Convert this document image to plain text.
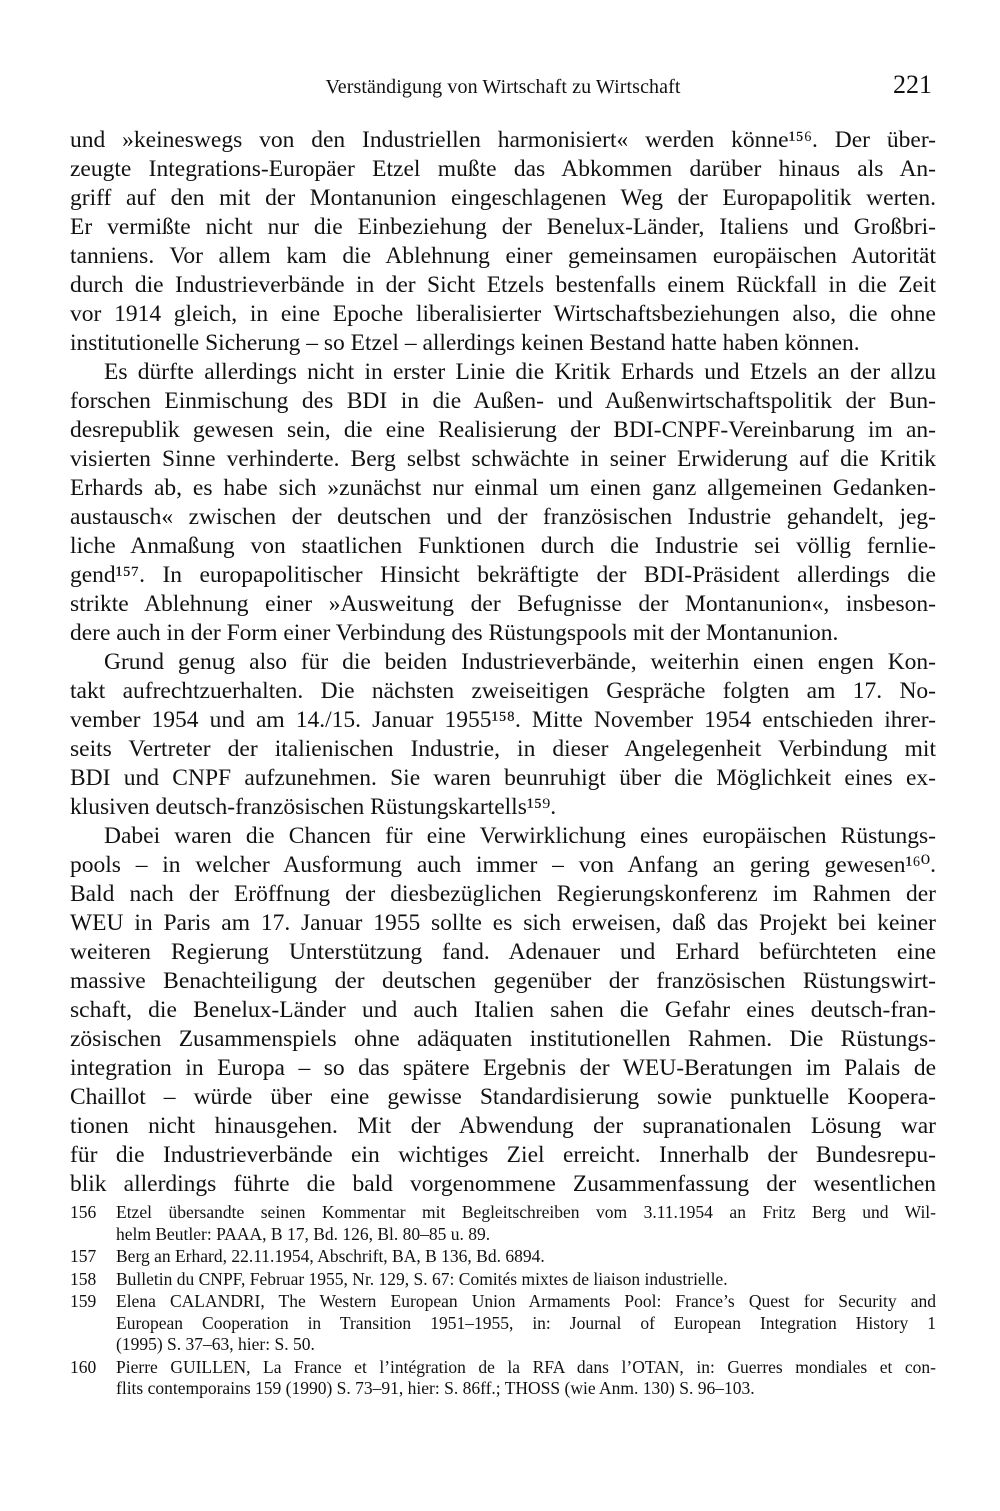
Verständigung von Wirtschaft zu Wirtschaft	221
und »keineswegs von den Industriellen harmonisiert« werden könne¹⁵⁶. Der über-
zeugte Integrations-Europäer Etzel mußte das Abkommen darüber hinaus als An-
griff auf den mit der Montanunion eingeschlagenen Weg der Europapolitik werten.
Er vermißte nicht nur die Einbeziehung der Benelux-Länder, Italiens und Großbri-
tanniens. Vor allem kam die Ablehnung einer gemeinsamen europäischen Autorität
durch die Industrieverbände in der Sicht Etzels bestenfalls einem Rückfall in die Zeit
vor 1914 gleich, in eine Epoche liberalisierter Wirtschaftsbeziehungen also, die ohne
institutionelle Sicherung – so Etzel – allerdings keinen Bestand hatte haben können.
Es dürfte allerdings nicht in erster Linie die Kritik Erhards und Etzels an der allzu
forschen Einmischung des BDI in die Außen- und Außenwirtschaftspolitik der Bun-
desrepublik gewesen sein, die eine Realisierung der BDI-CNPF-Vereinbarung im an-
visierten Sinne verhinderte. Berg selbst schwächte in seiner Erwiderung auf die Kritik
Erhards ab, es habe sich »zunächst nur einmal um einen ganz allgemeinen Gedanken-
austausch« zwischen der deutschen und der französischen Industrie gehandelt, jeg-
liche Anmaßung von staatlichen Funktionen durch die Industrie sei völlig fernlie-
gend¹⁵⁷. In europapolitischer Hinsicht bekräftigte der BDI-Präsident allerdings die
strikte Ablehnung einer »Ausweitung der Befugnisse der Montanunion«, insbeson-
dere auch in der Form einer Verbindung des Rüstungspools mit der Montanunion.
Grund genug also für die beiden Industrieverbände, weiterhin einen engen Kon-
takt aufrechtzuerhalten. Die nächsten zweiseitigen Gespräche folgten am 17. No-
vember 1954 und am 14./15. Januar 1955¹⁵⁸. Mitte November 1954 entschieden ihrer-
seits Vertreter der italienischen Industrie, in dieser Angelegenheit Verbindung mit
BDI und CNPF aufzunehmen. Sie waren beunruhigt über die Möglichkeit eines ex-
klusiven deutsch-französischen Rüstungskartells¹⁵⁹.
Dabei waren die Chancen für eine Verwirklichung eines europäischen Rüstungs-
pools – in welcher Ausformung auch immer – von Anfang an gering gewesen¹⁶⁰.
Bald nach der Eröffnung der diesbezüglichen Regierungskonferenz im Rahmen der
WEU in Paris am 17. Januar 1955 sollte es sich erweisen, daß das Projekt bei keiner
weiteren Regierung Unterstützung fand. Adenauer und Erhard befürchteten eine
massive Benachteiligung der deutschen gegenüber der französischen Rüstungswirt-
schaft, die Benelux-Länder und auch Italien sahen die Gefahr eines deutsch-fran-
zösischen Zusammenspiels ohne adäquaten institutionellen Rahmen. Die Rüstungs-
integration in Europa – so das spätere Ergebnis der WEU-Beratungen im Palais de
Chaillot – würde über eine gewisse Standardisierung sowie punktuelle Koopera-
tionen nicht hinausgehen. Mit der Abwendung der supranationalen Lösung war
für die Industrieverbände ein wichtiges Ziel erreicht. Innerhalb der Bundesrepu-
blik allerdings führte die bald vorgenommene Zusammenfassung der wesentlichen
156	Etzel übersandte seinen Kommentar mit Begleitschreiben vom 3.11.1954 an Fritz Berg und Wil-
helm Beutler: PAAA, B 17, Bd. 126, Bl. 80–85 u. 89.
157	Berg an Erhard, 22.11.1954, Abschrift, BA, B 136, Bd. 6894.
158	Bulletin du CNPF, Februar 1955, Nr. 129, S. 67: Comités mixtes de liaison industrielle.
159	Elena CALANDRI, The Western European Union Armaments Pool: France’s Quest for Security and
European Cooperation in Transition 1951–1955, in: Journal of European Integration History 1
(1995) S. 37–63, hier: S. 50.
160	Pierre GUILLEN, La France et l’intégration de la RFA dans l’OTAN, in: Guerres mondiales et con-
flits contemporains 159 (1990) S. 73–91, hier: S. 86ff.; THOSS (wie Anm. 130) S. 96–103.
